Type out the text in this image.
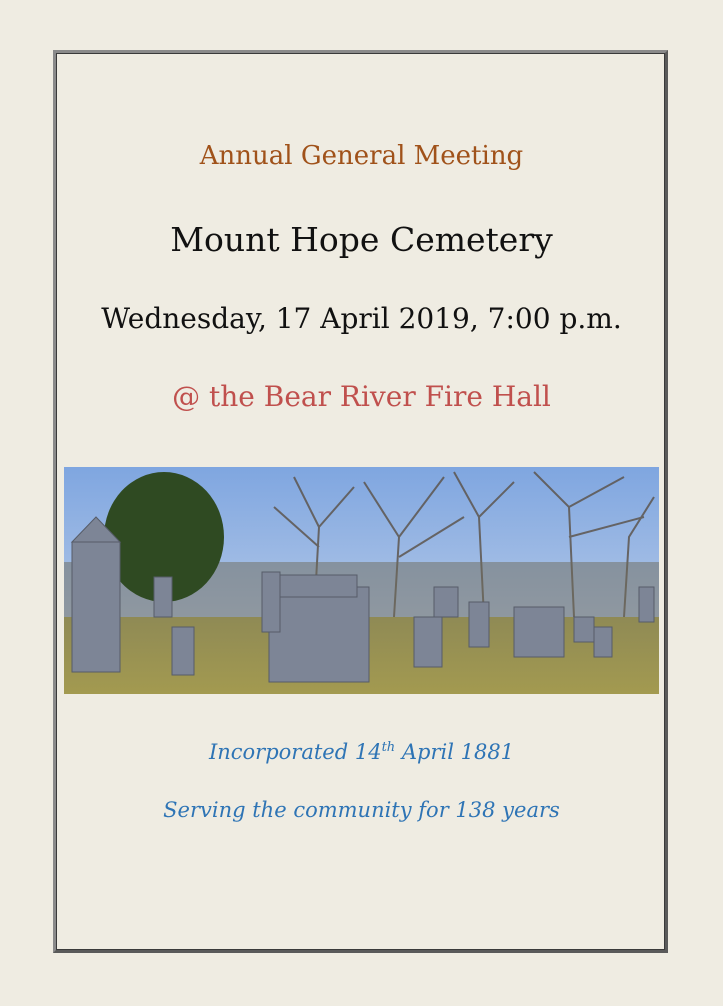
Annual General Meeting
Mount Hope Cemetery
Wednesday, 17 April 2019, 7:00 p.m.
@ the Bear River Fire Hall
Incorporated 14th April 1881
Serving the community for 138 years
